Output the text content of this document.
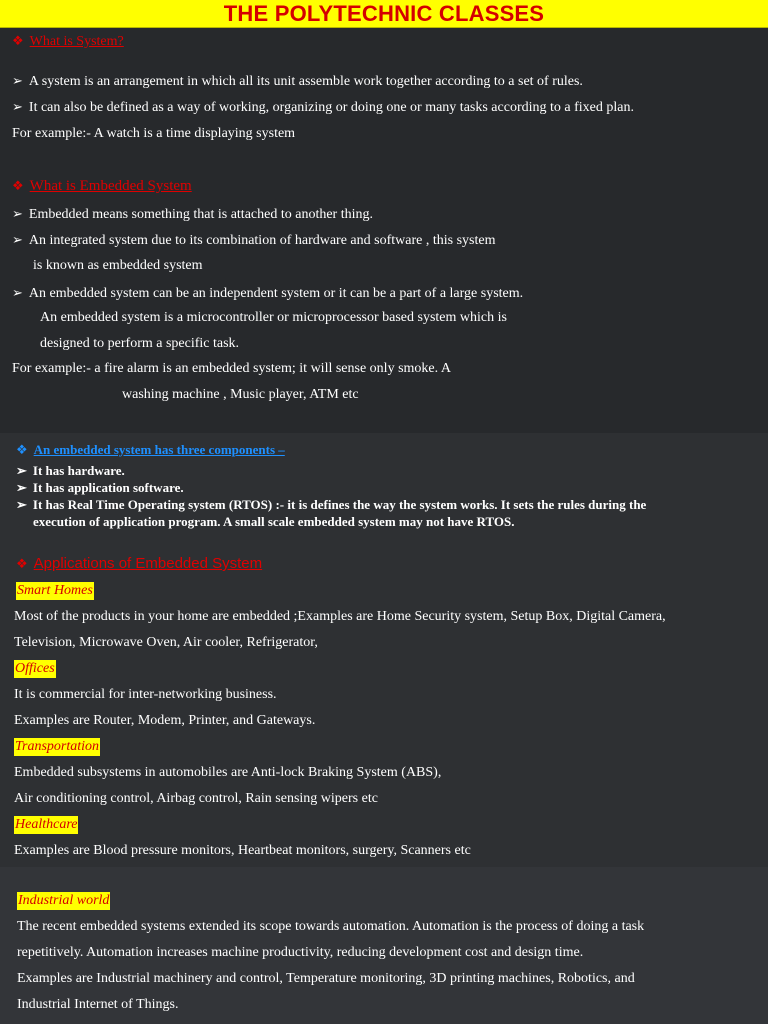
THE POLYTECHNIC CLASSES
❖ What is System?
➢ A system is an arrangement in which all its unit assemble work together according to a set of rules.
➢ It can also be defined as a way of working, organizing or doing one or many tasks according to a fixed plan.
For example:- A watch is a time displaying system
❖ What is Embedded System
➢ Embedded means something that is attached to another thing.
➢ An integrated system due to its combination of hardware and software , this system
is known as embedded system
➢ An embedded system can be an independent system or it can be a part of a large system.
An embedded system is a microcontroller or microprocessor based system which is
designed to perform a specific task.
For example:- a fire alarm is an embedded system; it will sense only smoke. A
washing machine , Music player, ATM etc
❖ An embedded system has three components –
➢ It has hardware.
➢ It has application software.
➢ It has Real Time Operating system (RTOS) :- it is defines the way the system works. It sets the rules during the
execution of application program. A small scale embedded system may not have RTOS.
❖ Applications of Embedded System
Smart Homes
Most of the products in your home are embedded ;Examples are Home Security system, Setup Box, Digital Camera,
Television, Microwave Oven, Air cooler, Refrigerator,
Offices
It is commercial for inter-networking business.
Examples are Router, Modem, Printer, and Gateways.
Transportation
Embedded subsystems in automobiles are Anti-lock Braking System (ABS),
Air conditioning control, Airbag control, Rain sensing wipers etc
Healthcare
Examples are Blood pressure monitors, Heartbeat monitors, surgery, Scanners etc
Industrial world
The recent embedded systems extended its scope towards automation. Automation is the process of doing a task
repetitively. Automation increases machine productivity, reducing development cost and design time.
Examples are Industrial machinery and control, Temperature monitoring, 3D printing machines, Robotics, and
Industrial Internet of Things.
